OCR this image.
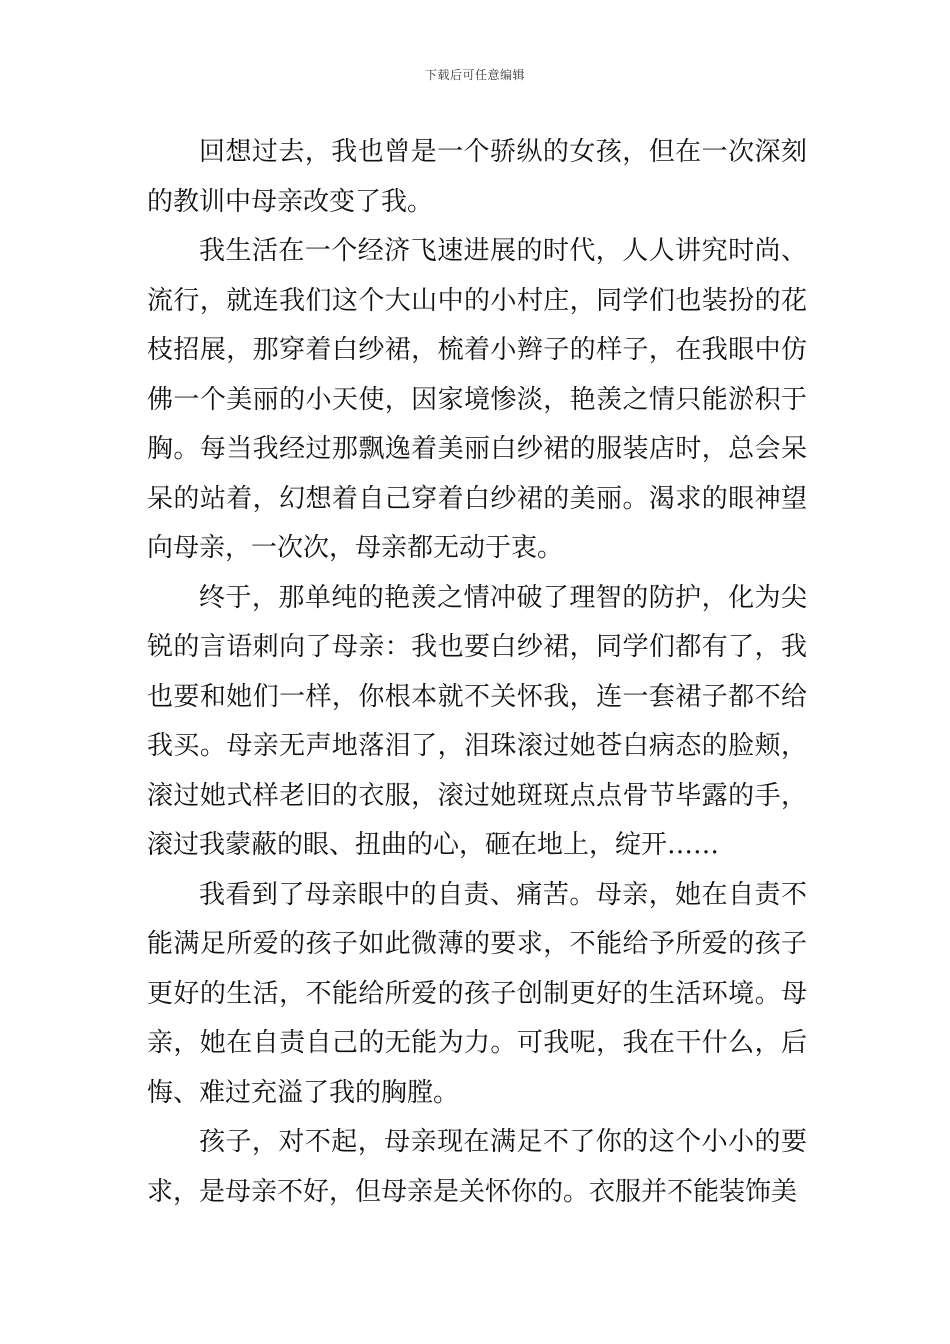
下载后可任意编辑

回想过去，我也曾是一个骄纵的女孩，但在一次深刻的教训中母亲改变了我。

我生活在一个经济飞速进展的时代，人人讲究时尚、流行，就连我们这个大山中的小村庄，同学们也装扮的花枝招展，那穿着白纱裙，梳着小辫子的样子，在我眼中仿佛一个美丽的小天使，因家境惨淡，艳羡之情只能淤积于胸。每当我经过那飘逸着美丽白纱裙的服装店时，总会呆呆的站着，幻想着自己穿着白纱裙的美丽。渴求的眼神望向母亲，一次次，母亲都无动于衷。

终于，那单纯的艳羡之情冲破了理智的防护，化为尖锐的言语刺向了母亲：我也要白纱裙，同学们都有了，我也要和她们一样，你根本就不关怀我，连一套裙子都不给我买。母亲无声地落泪了，泪珠滚过她苍白病态的脸颊，滚过她式样老旧的衣服，滚过她斑斑点点骨节毕露的手，滚过我蒙蔽的眼、扭曲的心，砸在地上，绽开……

我看到了母亲眼中的自责、痛苦。母亲，她在自责不能满足所爱的孩子如此微薄的要求，不能给予所爱的孩子更好的生活，不能给所爱的孩子创制更好的生活环境。母亲，她在自责自己的无能为力。可我呢，我在干什么，后悔、难过充溢了我的胸膛。

孩子，对不起，母亲现在满足不了你的这个小小的要求，是母亲不好，但母亲是关怀你的。衣服并不能装饰美
